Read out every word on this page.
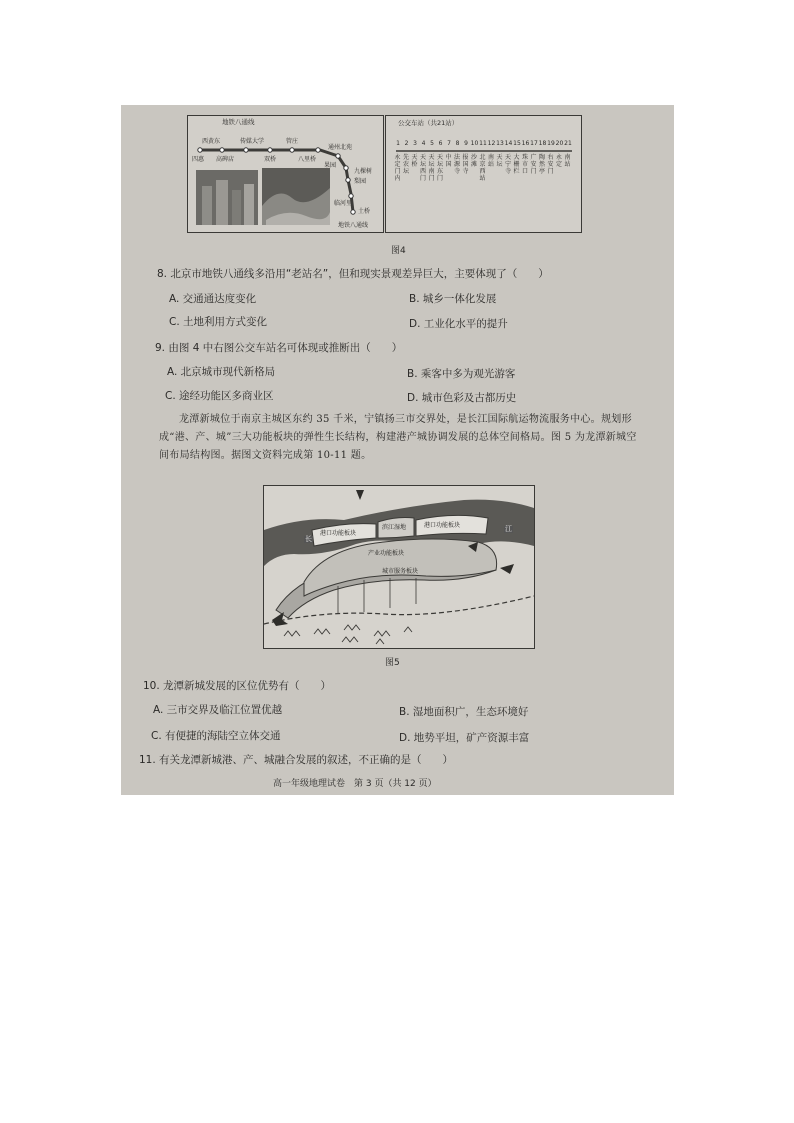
地铁八通线
西黄东	传媒大学	管庄
四惠 高碑店	双桥	八里桥
通州北苑
果园
九棵树
梨园
临河里
土桥
地铁八通线
公交车站（共21站）
1 2 3 4 5 6 7 8 9 10 11 12 13 14 15 16 17 18 19 20 21
永定门内
先农坛
天桥
天坛西门
天坛南门
天坛东门
中国
法源寺
报国寺
沙滩
北京西站
南站
天坛
天宁寺
大栅栏
珠市口
广安门
陶然亭
右安门
永定
南站
图4
8. 北京市地铁八通线多沿用“老站名”，但和现实景观差异巨大，主要体现了（　　）
A. 交通通达度变化	B. 城乡一体化发展
C. 土地利用方式变化	D. 工业化水平的提升
9. 由图 4 中右图公交车站名可体现或推断出（　　）
A. 北京城市现代新格局	B. 乘客中多为观光游客
C. 途经功能区多商业区	D. 城市色彩及古都历史
龙潭新城位于南京主城区东约 35 千米，宁镇扬三市交界处，是长江国际航运物流服务中心。规划形成“港、产、城”三大功能板块的弹性生长结构，构建港产城协调发展的总体空间格局。图 5 为龙潭新城空间布局结构图。据图文资料完成第 10-11 题。
港口功能板块
滨江湿地	港口功能板块
产业功能板块
城市服务板块
长
江
图5
10. 龙潭新城发展的区位优势有（　　）
A. 三市交界及临江位置优越	B. 湿地面积广，生态环境好
C. 有便捷的海陆空立体交通	D. 地势平坦，矿产资源丰富
11. 有关龙潭新城港、产、城融合发展的叙述，不正确的是（　　）
高一年级地理试卷　第 3 页（共 12 页）
